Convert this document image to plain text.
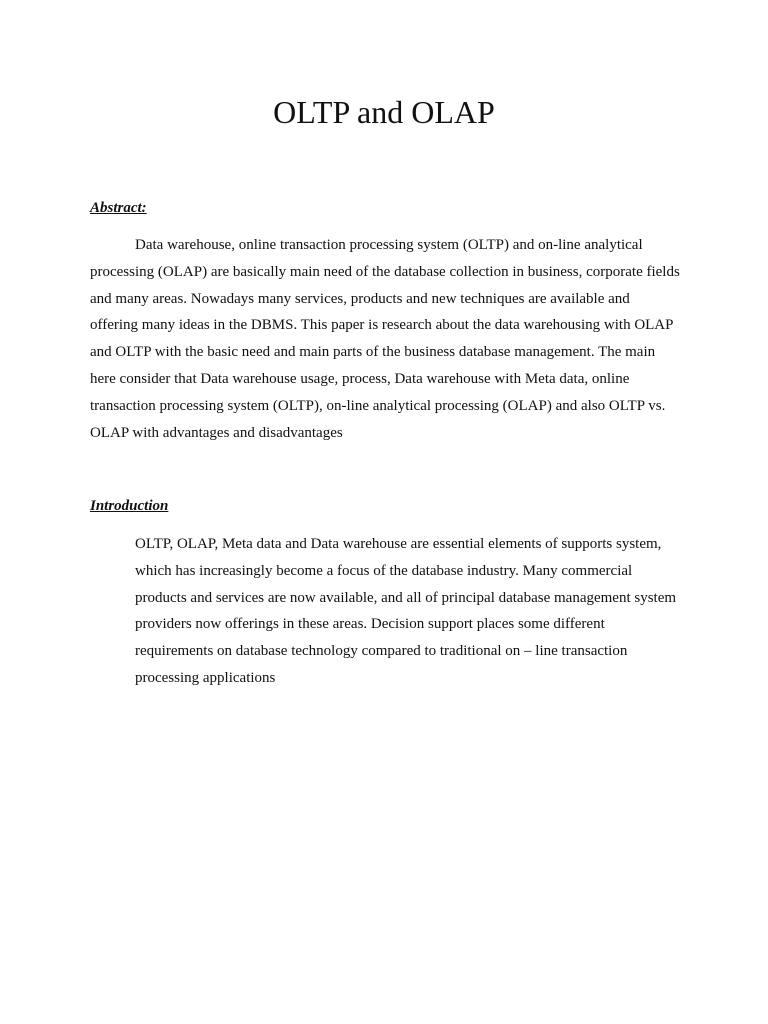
OLTP and OLAP
Abstract:

Data warehouse, online transaction processing system (OLTP) and on-line analytical processing (OLAP) are basically main need of the database collection in business, corporate fields and many areas. Nowadays many services, products and new techniques are available and offering many ideas in the DBMS. This paper is research about the data warehousing with OLAP and OLTP with the basic need and main parts of the business database management. The main here consider that Data warehouse usage, process, Data warehouse with Meta data, online transaction processing system (OLTP), on-line analytical processing (OLAP) and also OLTP vs. OLAP with advantages and disadvantages

Introduction

OLTP, OLAP, Meta data and Data warehouse are essential elements of supports system, which has increasingly become a focus of the database industry. Many commercial products and services are now available, and all of principal database management system providers now offerings in these areas. Decision support places some different requirements on database technology compared to traditional on – line transaction processing applications
